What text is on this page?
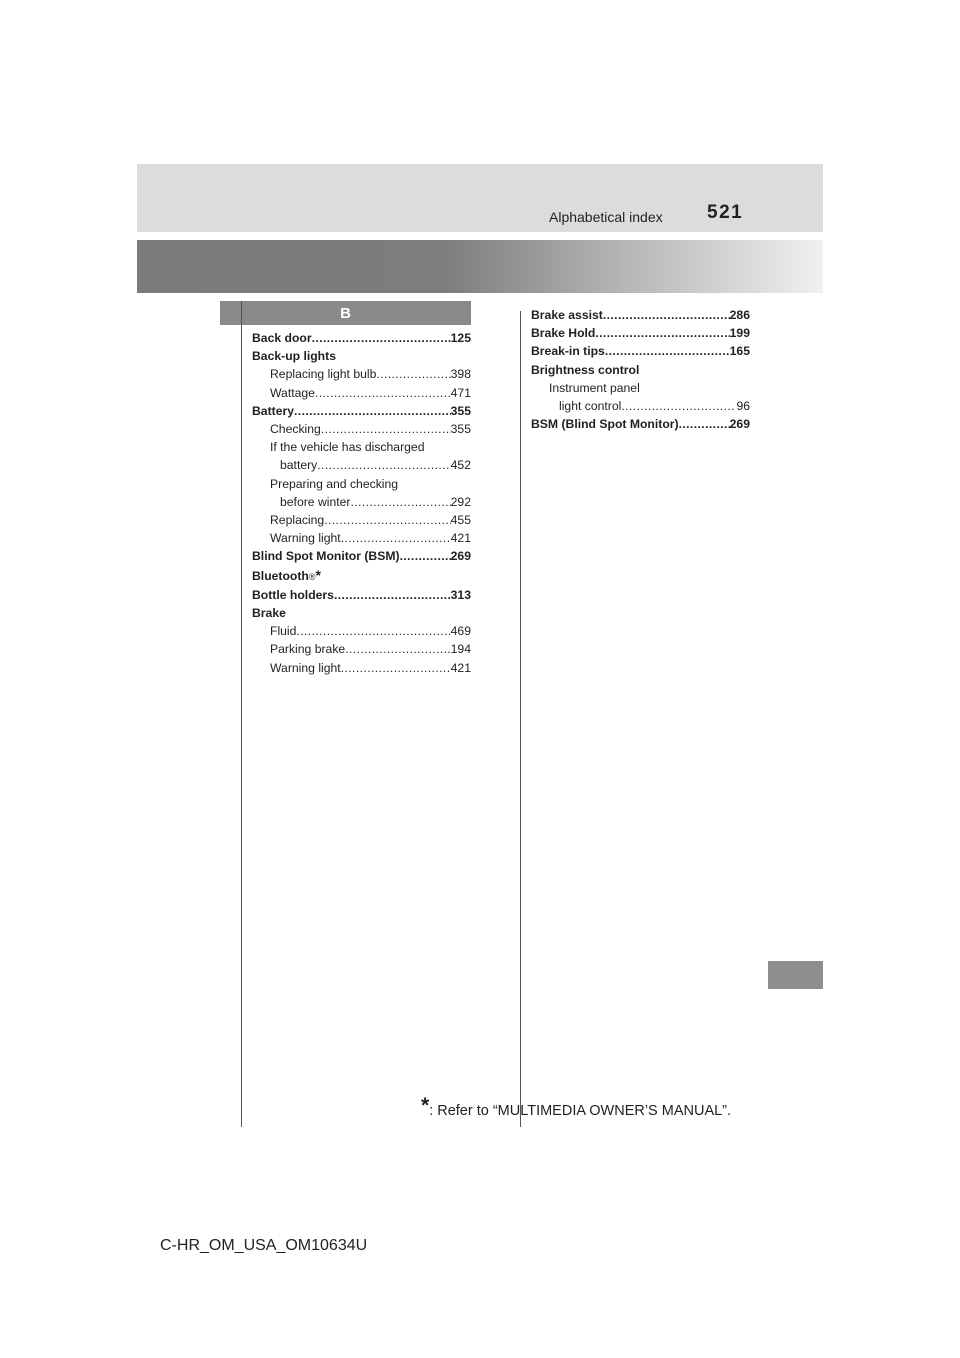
Alphabetical index 521
B
Back door .....	125
Back-up lights
Replacing light bulb .....	398
Wattage .....	471
Battery .....	355
Checking .....	355
If the vehicle has discharged
battery .....	452
Preparing and checking
before winter .....	292
Replacing .....	455
Warning light .....	421
Blind Spot Monitor (BSM) .....	269
Bluetooth ® *
Bottle holders .....	313
Brake
Fluid .....	469
Parking brake .....	194
Warning light .....	421
Brake assist .....	286
Brake Hold .....	199
Break-in tips .....	165
Brightness control
Instrument panel
light control .....	96
BSM (Blind Spot Monitor) .....	269
*: Refer to “MULTIMEDIA OWNER’S MANUAL”.
C-HR_OM_USA_OM10634U
